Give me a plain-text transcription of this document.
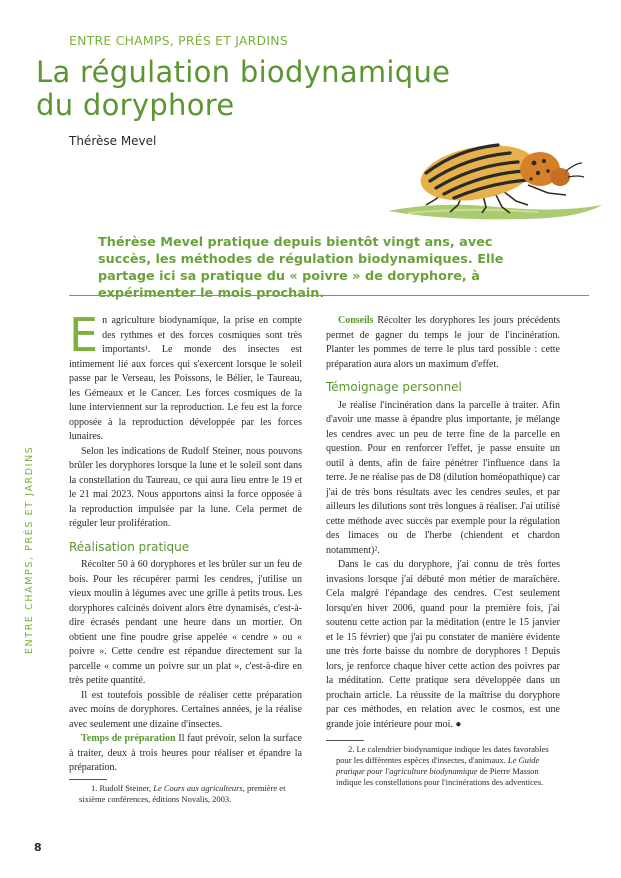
ENTRE CHAMPS, PRÉS ET JARDINS
La régulation biodynamique du doryphore
Thérèse Mevel

Thérèse Mevel pratique depuis bientôt vingt ans, avec succès, les méthodes de régulation biodynamiques. Elle partage ici sa pratique du « poivre » de doryphore, à expérimenter le mois prochain.

ENTRE CHAMPS, PRÉS ET JARDINS

En agriculture biodynamique, la prise en compte des rythmes et des forces cosmiques sont très importants¹. Le monde des insectes est intimement lié aux forces qui s'exercent lorsque le soleil passe par le Verseau, les Poissons, le Bélier, le Taureau, les Gémeaux et le Cancer. Les forces cosmiques de la lune interviennent sur la reproduction. Le feu est la force opposée à la reproduction développée par les forces lunaires.

Selon les indications de Rudolf Steiner, nous pouvons brûler les doryphores lorsque la lune et le soleil sont dans la constellation du Taureau, ce qui aura lieu entre le 19 et le 21 mai 2023. Nous apportons ainsi la force opposée à la reproduction impulsée par la lune. Cela permet de réguler leur prolifération.

Réalisation pratique

Récolter 50 à 60 doryphores et les brûler sur un feu de bois. Pour les récupérer parmi les cendres, j'utilise un vieux moulin à légumes avec une grille à petits trous. Les doryphores calcinés doivent alors être dynamisés, c'est-à-dire écrasés pendant une heure dans un mortier. On obtient une fine poudre grise appelée « cendre » ou « poivre ». Cette cendre est répandue directement sur la parcelle « comme un poivre sur un plat », c'est-à-dire en très petite quantité.

Il est toutefois possible de réaliser cette préparation avec moins de doryphores. Certaines années, je la réalise avec seulement une dizaine d'insectes.

Temps de préparation Il faut prévoir, selon la surface à traiter, deux à trois heures pour réaliser et épandre la préparation.

1. Rudolf Steiner, Le Cours aux agriculteurs, première et sixième conférences, éditions Novalis, 2003.

Conseils Récolter les doryphores les jours précédents permet de gagner du temps le jour de l'incinération. Planter les pommes de terre le plus tard possible : cette préparation aura alors un maximum d'effet.

Témoignage personnel

Je réalise l'incinération dans la parcelle à traiter. Afin d'avoir une masse à épandre plus importante, je mélange les cendres avec un peu de terre fine de la parcelle en question. Pour en renforcer l'effet, je passe ensuite un outil à dents, afin de faire pénétrer l'influence dans la terre. Je ne réalise pas de D8 (dilution homéopathique) car j'ai de très bons résultats avec les cendres seules, et par ailleurs les dilutions sont très longues à réaliser. J'ai utilisé cette méthode avec succès par exemple pour la régulation des limaces ou de l'herbe (chiendent et chardon notamment)².

Dans le cas du doryphore, j'ai connu de très fortes invasions lorsque j'ai débuté mon métier de maraîchère. Cela malgré l'épandage des cendres. C'est seulement lorsqu'en hiver 2006, quand pour la première fois, j'ai soutenu cette action par la méditation (entre le 15 janvier et le 15 février) que j'ai pu constater de manière évidente une très forte baisse du nombre de doryphores ! Depuis lors, je renforce chaque hiver cette action des poivres par la méditation. Cette pratique sera développée dans un prochain article. La réussite de la maîtrise du doryphore par ces méthodes, en relation avec le cosmos, est une grande joie intérieure pour moi. ●

2. Le calendrier biodynamique indique les dates favorables pour les différentes espèces d'insectes, d'animaux. Le Guide pratique pour l'agriculture biodynamique de Pierre Masson indique les constellations pour l'incinérations des adventices.

8
